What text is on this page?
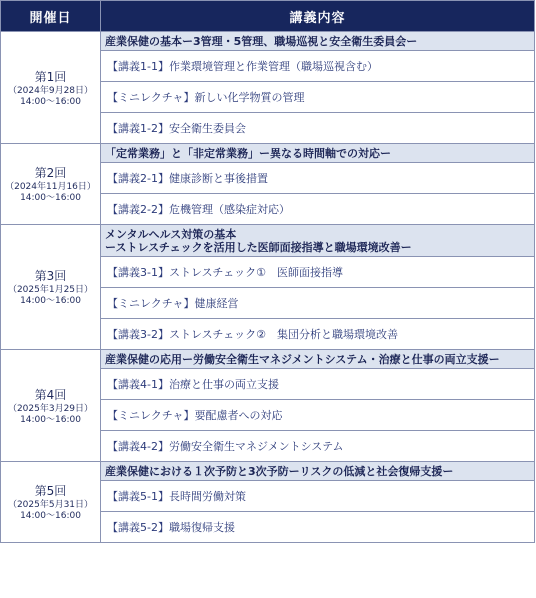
開催日	講義内容

第1回
（2024年9月28日）
14:00～16:00	産業保健の基本ー3管理・5管理、職場巡視と安全衛生委員会ー

	【講義1-1】作業環境管理と作業管理（職場巡視含む）
	【ミニレクチャ】新しい化学物質の管理
	【講義1-2】安全衛生委員会

第2回
（2024年11月16日）
14:00～16:00	「定常業務」と「非定常業務」ー異なる時間軸での対応ー

	【講義2-1】健康診断と事後措置
	【講義2-2】危機管理（感染症対応）

第3回
（2025年1月25日）
14:00～16:00	メンタルヘルス対策の基本
ーストレスチェックを活用した医師面接指導と職場環境改善ー

	【講義3-1】ストレスチェック①　医師面接指導
	【ミニレクチャ】健康経営
	【講義3-2】ストレスチェック②　集団分析と職場環境改善

第4回
（2025年3月29日）
14:00～16:00	産業保健の応用ー労働安全衛生マネジメントシステム・治療と仕事の両立支援ー

	【講義4-1】治療と仕事の両立支援
	【ミニレクチャ】要配慮者への対応
	【講義4-2】労働安全衛生マネジメントシステム

第5回
（2025年5月31日）
14:00～16:00	産業保健における１次予防と3次予防ーリスクの低減と社会復帰支援ー

	【講義5-1】長時間労働対策
	【講義5-2】職場復帰支援
